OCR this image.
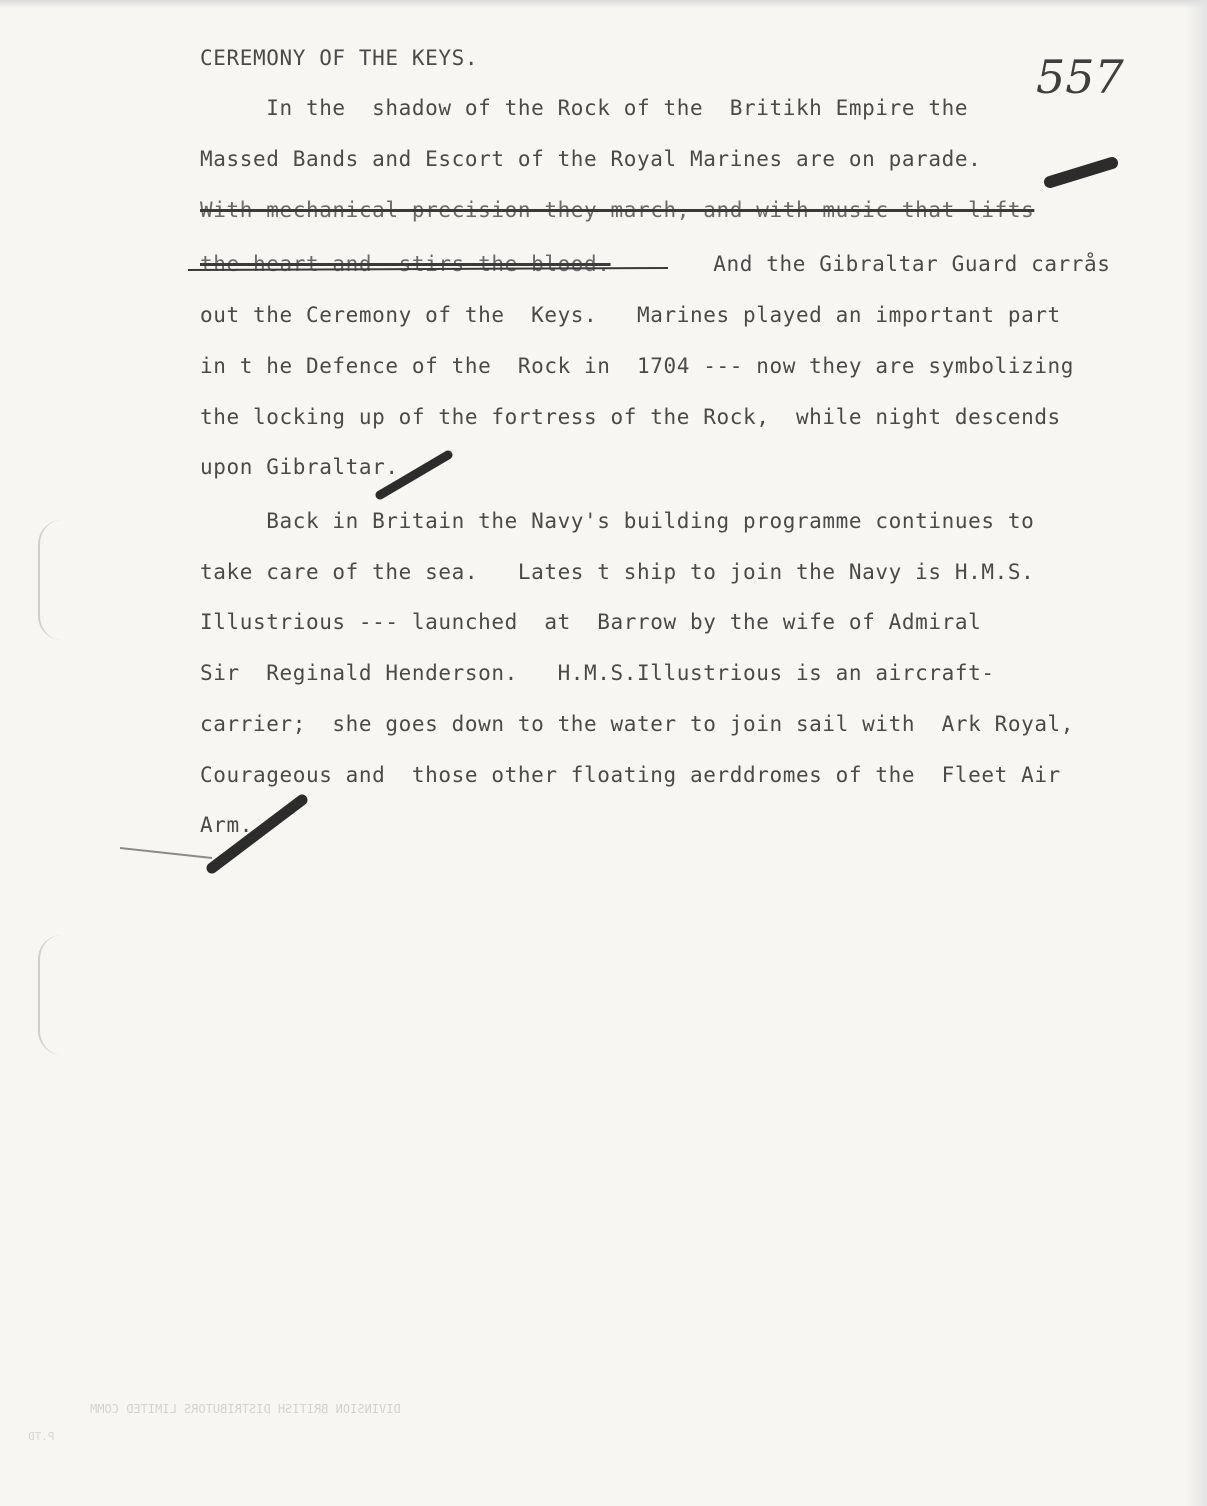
557
CEREMONY OF THE KEYS.
In the  shadow of the Rock of the  Britikh Empire the
Massed Bands and Escort of the Royal Marines are on parade.
With mechanical precision they march, and with music that lifts
the heart and  stirs the blood.	And the Gibraltar Guard carrås
out the Ceremony of the  Keys.   Marines played an important part
in t he Defence of the  Rock in  1704 --- now they are symbolizing
the locking up of the fortress of the Rock,  while night descends
upon Gibraltar.
Back in Britain the Navy's building programme continues to
take care of the sea.   Lates t ship to join the Navy is H.M.S.
Illustrious --- launched  at  Barrow by the wife of Admiral
Sir  Reginald Henderson.   H.M.S.Illustrious is an aircraft-
carrier;  she goes down to the water to join sail with  Ark Royal,
Courageous and  those other floating aerddromes of the  Fleet Air
Arm.
DIVINSION BRITISH DISTRIBUTORS LIMITED COMM
P.TD
